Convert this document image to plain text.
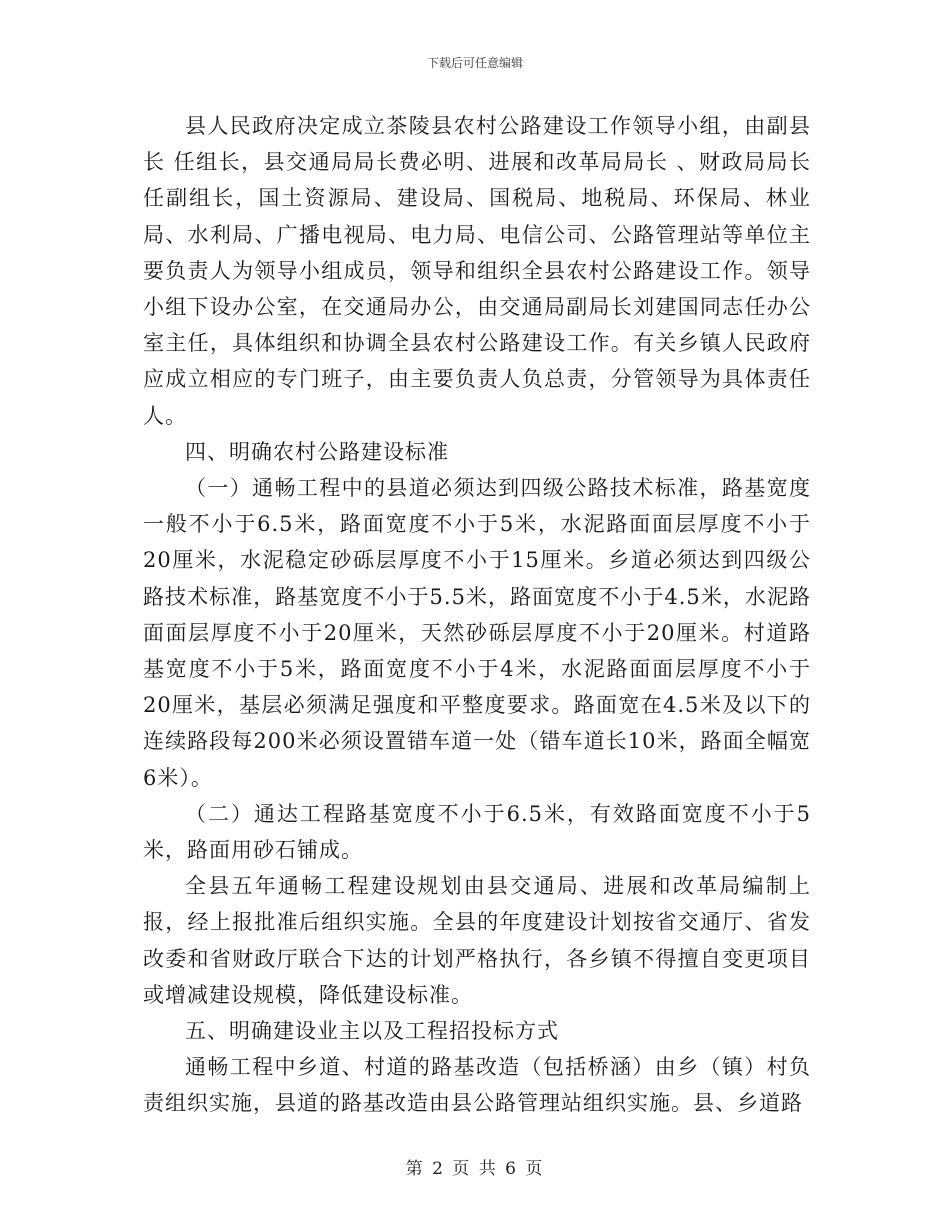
下载后可任意编辑

县人民政府决定成立茶陵县农村公路建设工作领导小组，由副县长 任组长，县交通局局长费必明、进展和改革局局长 、财政局局长任副组长，国土资源局、建设局、国税局、地税局、环保局、林业局、水利局、广播电视局、电力局、电信公司、公路管理站等单位主要负责人为领导小组成员，领导和组织全县农村公路建设工作。领导小组下设办公室，在交通局办公，由交通局副局长刘建国同志任办公室主任，具体组织和协调全县农村公路建设工作。有关乡镇人民政府应成立相应的专门班子，由主要负责人负总责，分管领导为具体责任人。

四、明确农村公路建设标准

（一）通畅工程中的县道必须达到四级公路技术标准，路基宽度一般不小于6.5米，路面宽度不小于5米，水泥路面面层厚度不小于20厘米，水泥稳定砂砾层厚度不小于15厘米。乡道必须达到四级公路技术标准，路基宽度不小于5.5米，路面宽度不小于4.5米，水泥路面面层厚度不小于20厘米，天然砂砾层厚度不小于20厘米。村道路基宽度不小于5米，路面宽度不小于4米，水泥路面面层厚度不小于20厘米，基层必须满足强度和平整度要求。路面宽在4.5米及以下的连续路段每200米必须设置错车道一处（错车道长10米，路面全幅宽6米）。

（二）通达工程路基宽度不小于6.5米，有效路面宽度不小于5米，路面用砂石铺成。

全县五年通畅工程建设规划由县交通局、进展和改革局编制上报，经上报批准后组织实施。全县的年度建设计划按省交通厅、省发改委和省财政厅联合下达的计划严格执行，各乡镇不得擅自变更项目或增减建设规模，降低建设标准。

五、明确建设业主以及工程招投标方式

通畅工程中乡道、村道的路基改造（包括桥涵）由乡（镇）村负责组织实施，县道的路基改造由县公路管理站组织实施。县、乡道路

第 2 页 共 6 页
